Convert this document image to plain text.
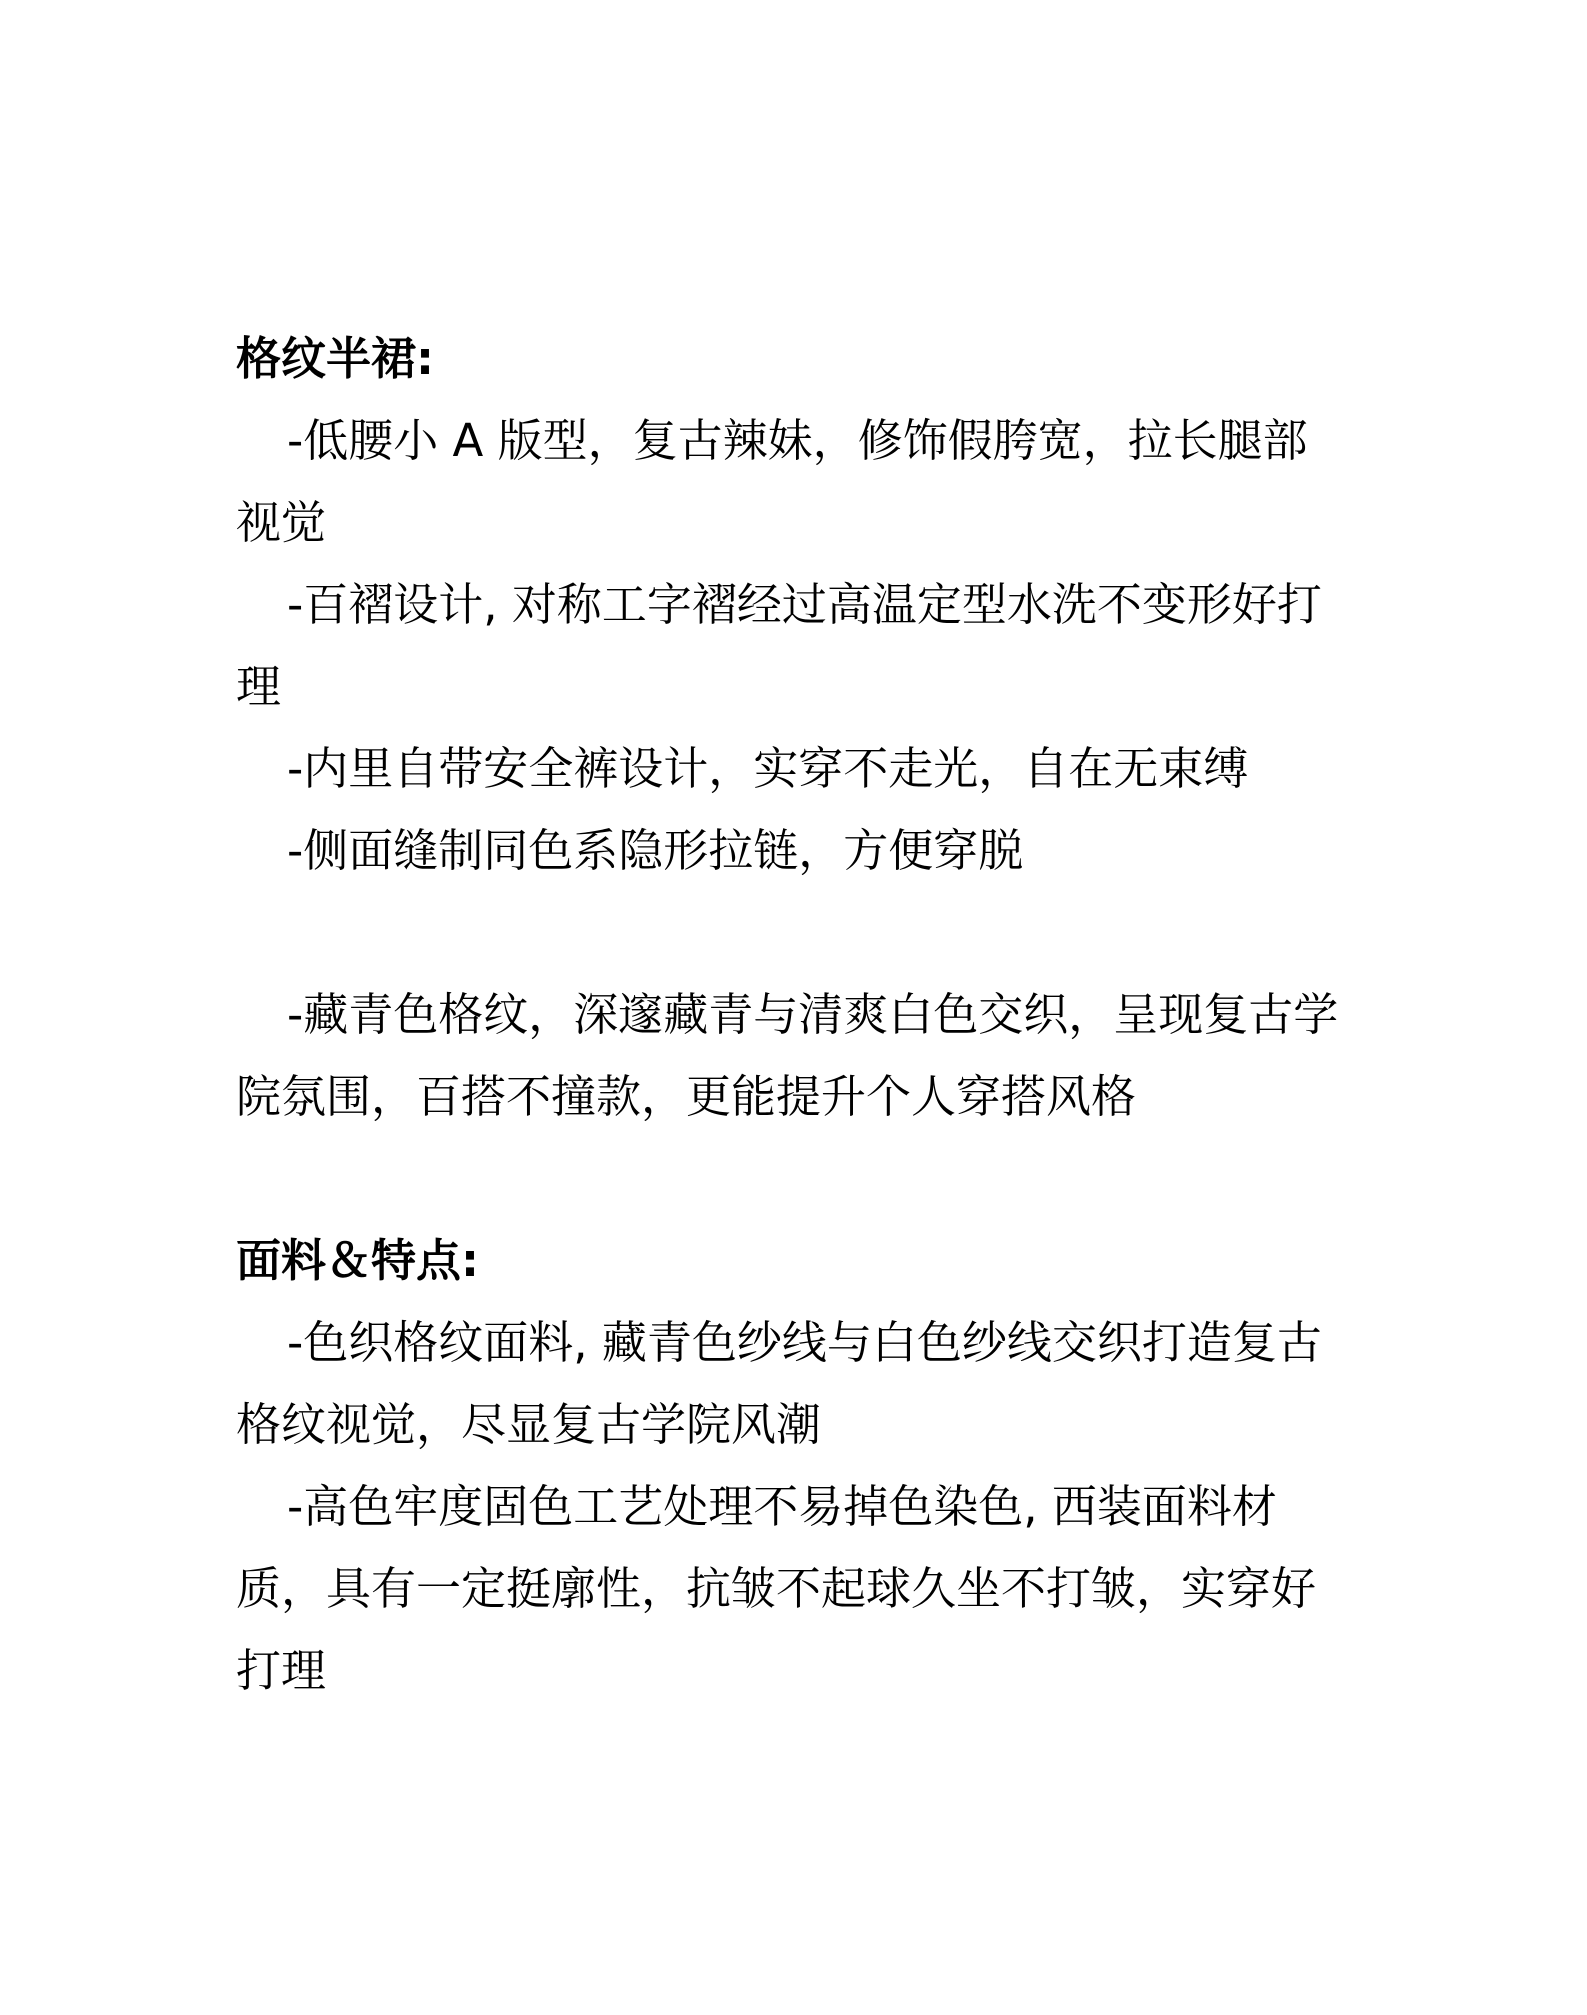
格纹半裙:

-低腰小 A 版型，复古辣妹，修饰假胯宽，拉长腿部视觉

-百褶设计, 对称工字褶经过高温定型水洗不变形好打理

-内里自带安全裤设计，实穿不走光，自在无束缚

-侧面缝制同色系隐形拉链，方便穿脱

-藏青色格纹，深邃藏青与清爽白色交织，呈现复古学院氛围，百搭不撞款，更能提升个人穿搭风格

面料＆特点:

-色织格纹面料, 藏青色纱线与白色纱线交织打造复古格纹视觉，尽显复古学院风潮

-高色牢度固色工艺处理不易掉色染色, 西装面料材质，具有一定挺廓性，抗皱不起球久坐不打皱，实穿好打理
